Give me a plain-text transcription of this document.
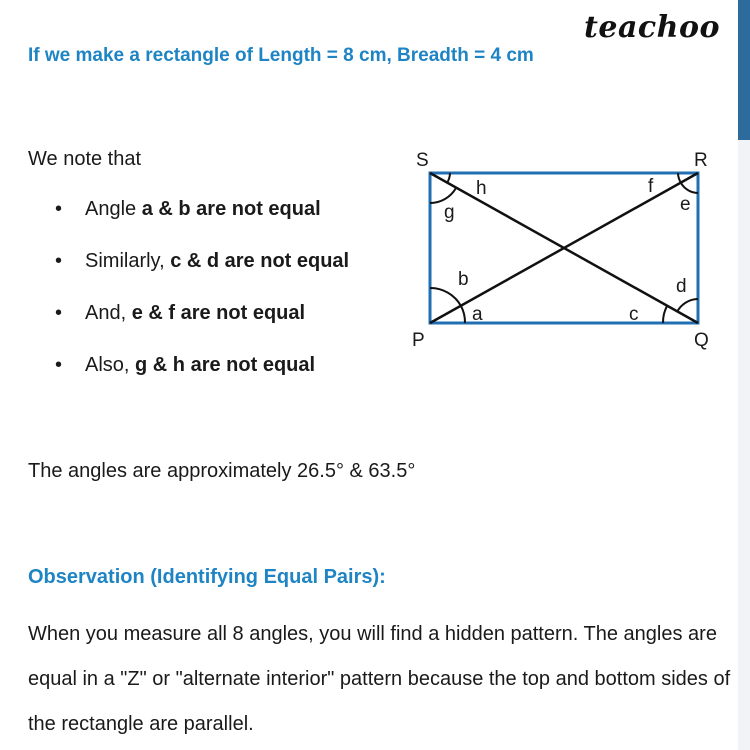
teachoo
If we make a rectangle of Length = 8 cm, Breadth = 4 cm
We note that
• Angle a & b are not equal
• Similarly, c & d are not equal
• And, e & f are not equal
• Also, g & h are not equal
The angles are approximately 26.5° & 63.5°
Observation (Identifying Equal Pairs):
When you measure all 8 angles, you will find a hidden pattern. The angles are equal in a "Z" or "alternate interior" pattern because the top and bottom sides of the rectangle are parallel.
S	R
P	Q
h
g
f
e
b
a	c
d
